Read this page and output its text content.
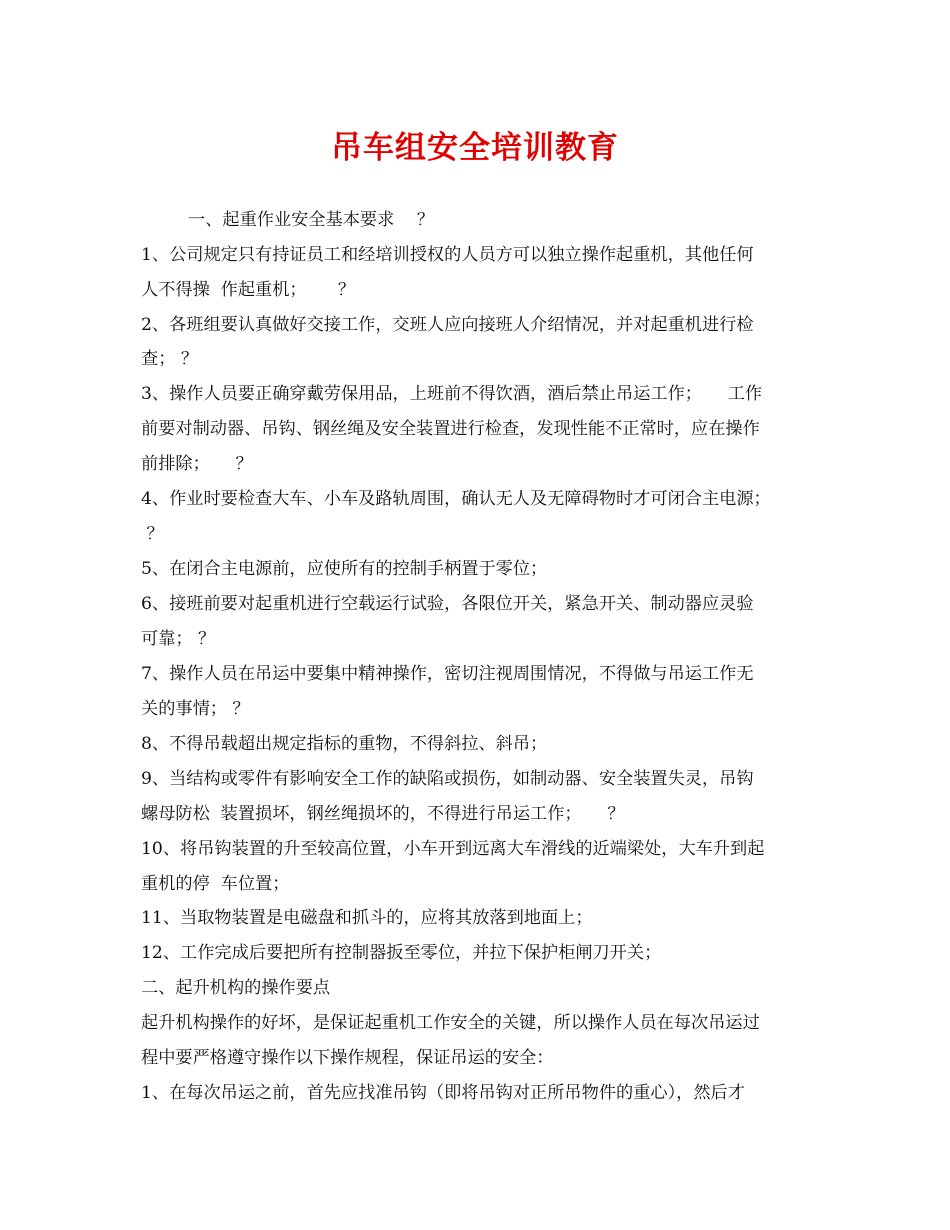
吊车组安全培训教育
一、起重作业安全基本要求　 ？
1、公司规定只有持证员工和经培训授权的人员方可以独立操作起重机，其他任何
人不得操  作起重机；　　 ？
2、各班组要认真做好交接工作，交班人应向接班人介绍情况，并对起重机进行检
查； ？
3、操作人员要正确穿戴劳保用品，上班前不得饮酒，酒后禁止吊运工作；　　工作
前要对制动器、吊钩、钢丝绳及安全装置进行检查，发现性能不正常时，应在操作
前排除；　　？
4、作业时要检查大车、小车及路轨周围，确认无人及无障碍物时才可闭合主电源；
？
5、在闭合主电源前，应使所有的控制手柄置于零位；
6、接班前要对起重机进行空载运行试验，各限位开关，紧急开关、制动器应灵验
可靠； ？
7、操作人员在吊运中要集中精神操作，密切注视周围情况，不得做与吊运工作无
关的事情； ？
8、不得吊载超出规定指标的重物，不得斜拉、斜吊；
9、当结构或零件有影响安全工作的缺陷或损伤，如制动器、安全装置失灵，吊钩
螺母防松  装置损坏，钢丝绳损坏的，不得进行吊运工作；　　？
10、将吊钩装置的升至较高位置，小车开到远离大车滑线的近端梁处，大车升到起
重机的停  车位置；
11、当取物装置是电磁盘和抓斗的，应将其放落到地面上；
12、工作完成后要把所有控制器扳至零位，并拉下保护柜闸刀开关；
二、起升机构的操作要点
起升机构操作的好坏，是保证起重机工作安全的关键，所以操作人员在每次吊运过
程中要严格遵守操作以下操作规程，保证吊运的安全：
1、在每次吊运之前，首先应找准吊钩（即将吊钩对正所吊物件的重心），然后才
